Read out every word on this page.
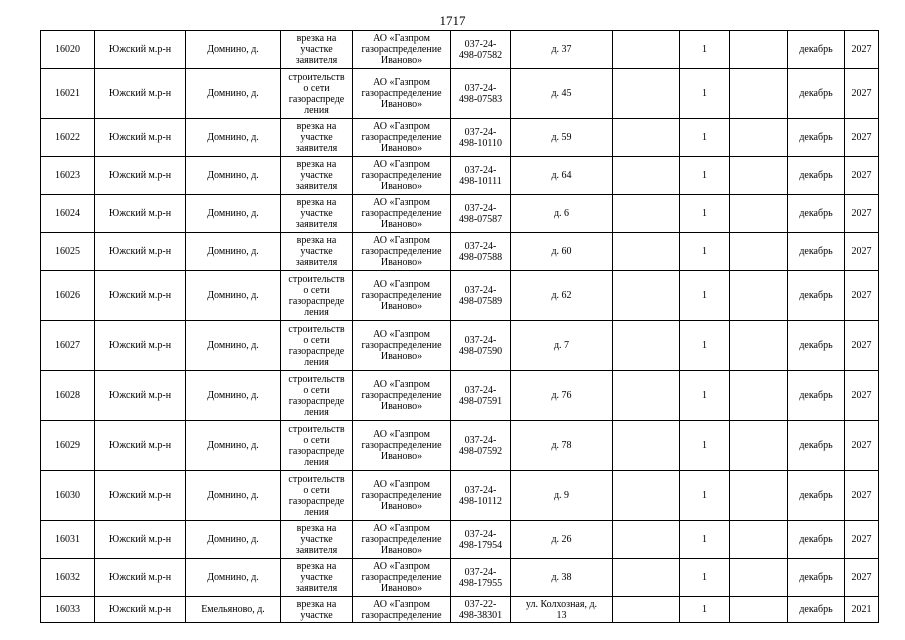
1717
16020	Южский м.р-н	Домнино, д.	врезка на
участке
заявителя	АО «Газпром
газораспределение
Иваново»	037-24-
498-07582	д. 37		1		декабрь	2027
16021	Южский м.р-н	Домнино, д.	строительств
о сети
газораспреде
ления	АО «Газпром
газораспределение
Иваново»	037-24-
498-07583	д. 45		1		декабрь	2027
16022	Южский м.р-н	Домнино, д.	врезка на
участке
заявителя	АО «Газпром
газораспределение
Иваново»	037-24-
498-10110	д. 59		1		декабрь	2027
16023	Южский м.р-н	Домнино, д.	врезка на
участке
заявителя	АО «Газпром
газораспределение
Иваново»	037-24-
498-10111	д. 64		1		декабрь	2027
16024	Южский м.р-н	Домнино, д.	врезка на
участке
заявителя	АО «Газпром
газораспределение
Иваново»	037-24-
498-07587	д. 6		1		декабрь	2027
16025	Южский м.р-н	Домнино, д.	врезка на
участке
заявителя	АО «Газпром
газораспределение
Иваново»	037-24-
498-07588	д. 60		1		декабрь	2027
16026	Южский м.р-н	Домнино, д.	строительств
о сети
газораспреде
ления	АО «Газпром
газораспределение
Иваново»	037-24-
498-07589	д. 62		1		декабрь	2027
16027	Южский м.р-н	Домнино, д.	строительств
о сети
газораспреде
ления	АО «Газпром
газораспределение
Иваново»	037-24-
498-07590	д. 7		1		декабрь	2027
16028	Южский м.р-н	Домнино, д.	строительств
о сети
газораспреде
ления	АО «Газпром
газораспределение
Иваново»	037-24-
498-07591	д. 76		1		декабрь	2027
16029	Южский м.р-н	Домнино, д.	строительств
о сети
газораспреде
ления	АО «Газпром
газораспределение
Иваново»	037-24-
498-07592	д. 78		1		декабрь	2027
16030	Южский м.р-н	Домнино, д.	строительств
о сети
газораспреде
ления	АО «Газпром
газораспределение
Иваново»	037-24-
498-10112	д. 9		1		декабрь	2027
16031	Южский м.р-н	Домнино, д.	врезка на
участке
заявителя	АО «Газпром
газораспределение
Иваново»	037-24-
498-17954	д. 26		1		декабрь	2027
16032	Южский м.р-н	Домнино, д.	врезка на
участке
заявителя	АО «Газпром
газораспределение
Иваново»	037-24-
498-17955	д. 38		1		декабрь	2027
16033	Южский м.р-н	Емельяново, д.	врезка на
участке	АО «Газпром
газораспределение	037-22-
498-38301	ул. Колхозная, д.
13		1		декабрь	2021
